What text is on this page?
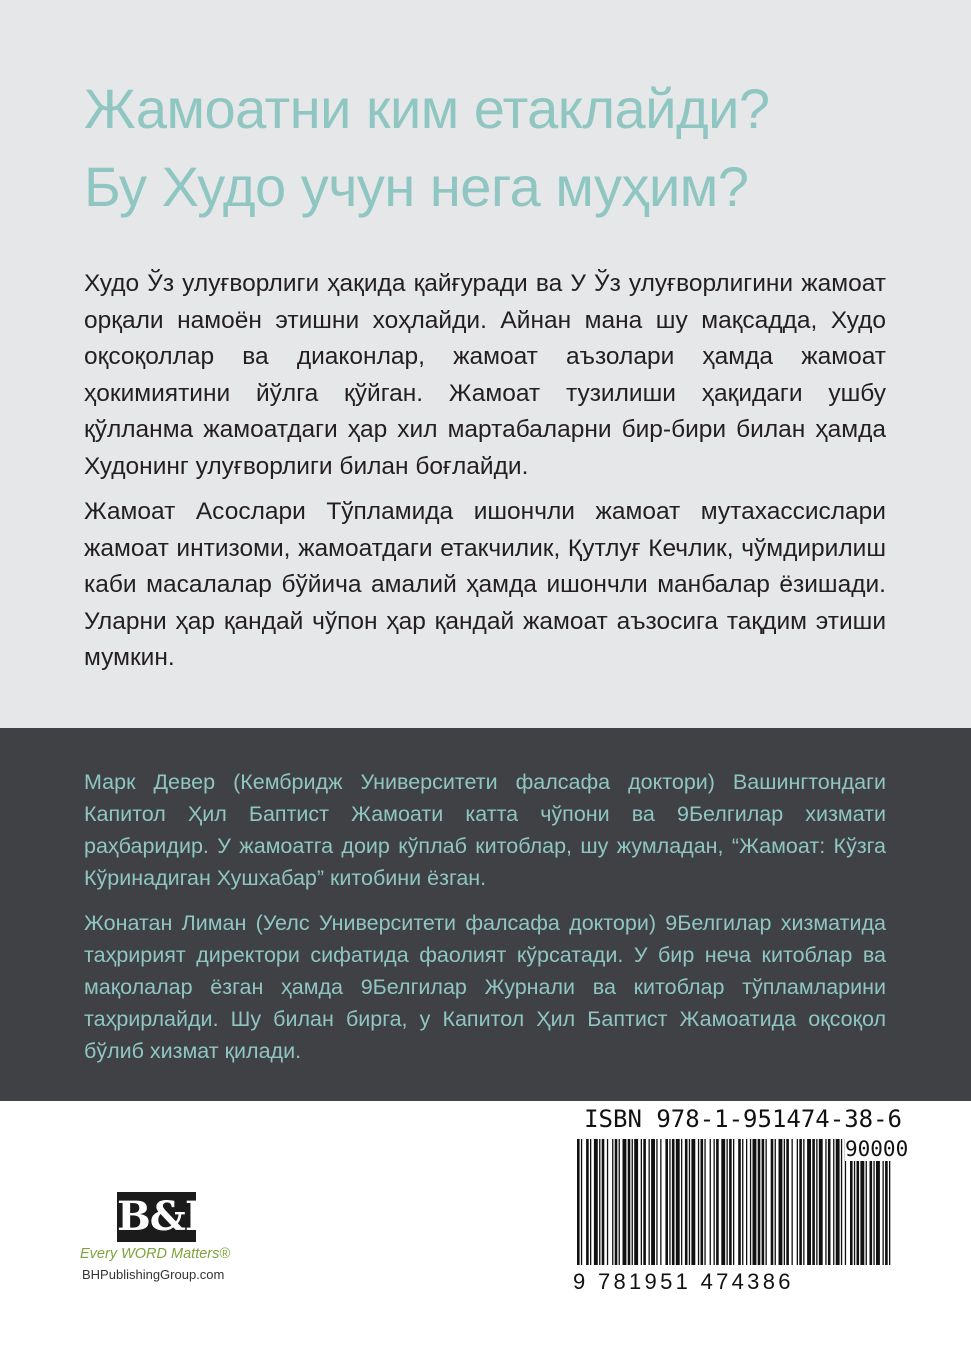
Жамоатни ким етаклайди?
Бу Худо учун нега муҳим?
Худо Ўз улуғворлиги ҳақида қайғуради ва У Ўз улуғворлигини жамоат орқали намоён этишни хоҳлайди. Айнан мана шу мақсадда, Худо оқсоқоллар ва диаконлар, жамоат аъзолари ҳамда жамоат ҳокимиятини йўлга қўйган. Жамоат тузилиши ҳақидаги ушбу қўлланма жамоатдаги ҳар хил мартабаларни бир-бири билан ҳамда Худонинг улуғворлиги билан боғлайди.
Жамоат Асослари Тўпламида ишончли жамоат мутахассислари жамоат интизоми, жамоатдаги етакчилик, Қутлуғ Кечлик, чўмдирилиш каби масалалар бўйича амалий ҳамда ишончли манбалар ёзишади. Уларни ҳар қандай чўпон ҳар қандай жамоат аъзосига тақдим этиши мумкин.
Марк Девер (Кембридж Университети фалсафа доктори) Вашингтондаги Капитол Ҳил Баптист Жамоати катта чўпони ва 9Белгилар хизмати раҳбаридир. У жамоатга доир кўплаб китоблар, шу жумладан, “Жамоат: Кўзга Кўринадиган Хушхабар” китобини ёзган.
Жонатан Лиман (Уелс Университети фалсафа доктори) 9Белгилар хизматида таҳририят директори сифатида фаолият кўрсатади. У бир неча китоблар ва мақолалар ёзган ҳамда 9Белгилар Журнали ва китоблар тўпламларини таҳрирлайди. Шу билан бирга, у Капитол Ҳил Баптист Жамоатида оқсоқол бўлиб хизмат қилади.
B&H
Every WORD Matters®
BHPublishingGroup.com
ISBN 978-1-951474-38-6
90000
9 781951 474386
